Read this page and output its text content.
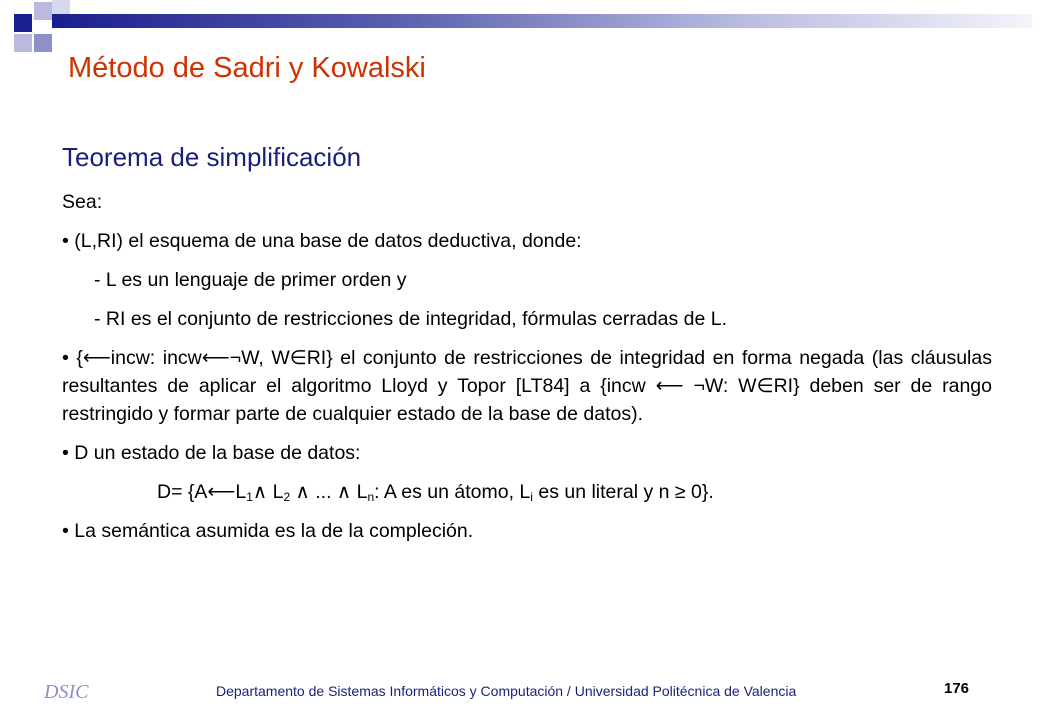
Método de Sadri y Kowalski
Teorema de simplificación
Sea:
• (L,RI) el esquema de una base de datos deductiva, donde:
- L es un lenguaje de primer orden y
- RI es el conjunto de restricciones de integridad, fórmulas cerradas de L.
• {⟵incw: incw⟵¬W, W∈RI} el conjunto de restricciones de integridad en forma negada (las cláusulas resultantes de aplicar el algoritmo Lloyd y Topor [LT84] a {incw ⟵ ¬W: W∈RI} deben ser de rango restringido y formar parte de cualquier estado de la base de datos).
• D un estado de la base de datos:
$D= \{A⟵L_1\wedge$ $L_2$ ∧ ... ∧ $L_n$: A es un átomo, $L_i$ es un literal y n ≥ 0}.
• La semántica asumida es la de la compleción.
DSIC	Departamento de Sistemas Informáticos y Computación / Universidad Politécnica de Valencia	176
